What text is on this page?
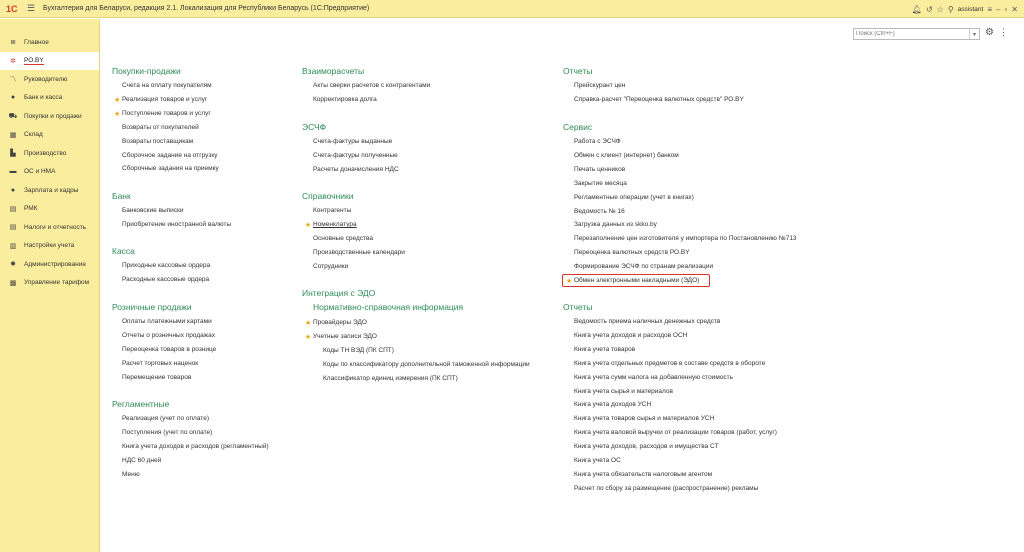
1С	☰ Бухгалтерия для Беларуси, редакция 2.1. Локализация для Республики Беларусь (1С:Предприятие)	🔔︎ ↺ ☆ ⚲ assistant ≡ – ▫ ✕
≣ Главное
✲ РО.BY
〽 Руководителю
● Банк и касса
⛟ Покупки и продажи
▦ Склад
▙ Производство
▬ ОС и НМА
● Зарплата и кадры
▤ РМК
▤ Налоги и отчетность
▥ Настройки учета
✹ Администрирование
▩ Управление тарифом
Поиск (Ctrl+F)
▾ ⚙ ⋮
Покупки-продажи
Счета на оплату покупателям
★ Реализация товаров и услуг
★ Поступление товаров и услуг
Возвраты от покупателей
Возвраты поставщикам
Сборочное задание на отгрузку
Сборочные задания на приемку
Банк
Банковские выписки
Приобретение иностранной валюты
Касса
Приходные кассовые ордера
Расходные кассовые ордера
Розничные продажи
Оплаты платежными картами
Отчеты о розничных продажах
Переоценка товаров в рознице
Расчет торговых наценок
Перемещение товаров
Регламентные
Реализация (учет по оплате)
Поступления (учет по оплате)
Книга учета доходов и расходов (регламентный)
НДС 60 дней
Меню
Взаиморасчеты
Акты сверки расчетов с контрагентами
Корректировка долга
ЭСЧФ
Счета-фактуры выданные
Счета-фактуры полученные
Расчеты доначисления НДС
Справочники
Контрагенты
★ Номенклатура
Основные средства
Производственные календари
Сотрудники
Интеграция с ЭДО
Нормативно-справочная информация
★ Провайдеры ЭДО
★ Учетные записи ЭДО
Коды ТН ВЭД (ПК СПТ)
Коды по классификатору дополнительной таможенной информации
Классификатор единиц измерения (ПК СПТ)
Отчеты
Прейскурант цен
Справка-расчет "Переоценка валютных средств" РО.BY
Сервис
Работа с ЭСЧФ
Обмен с клиент (интернет) банком
Печать ценников
Закрытие месяца
Регламентные операции (учет в книгах)
Ведомость № 16
Загрузка данных из skko.by
Перезаполнение цен изготовителя у импортера по Постановлению №713
Переоценка валютных средств РО.BY
Формирование ЭСЧФ по странам реализации
★ Обмен электронными накладными (ЭДО)
Отчеты
Ведомость приема наличных денежных средств
Книга учета доходов и расходов ОСН
Книга учета товаров
Книга учета отдельных предметов в составе средств в обороте
Книга учета сумм налога на добавленную стоимость
Книга учета сырья и материалов
Книга учета доходов УСН
Книга учета товаров сырья и материалов УСН
Книга учета валовой выручки от реализации товаров (работ, услуг)
Книга учета доходов, расходов и имущества СТ
Книга учета ОС
Книга учета обязательств налоговым агентом
Расчет по сбору за размещение (распространение) рекламы
